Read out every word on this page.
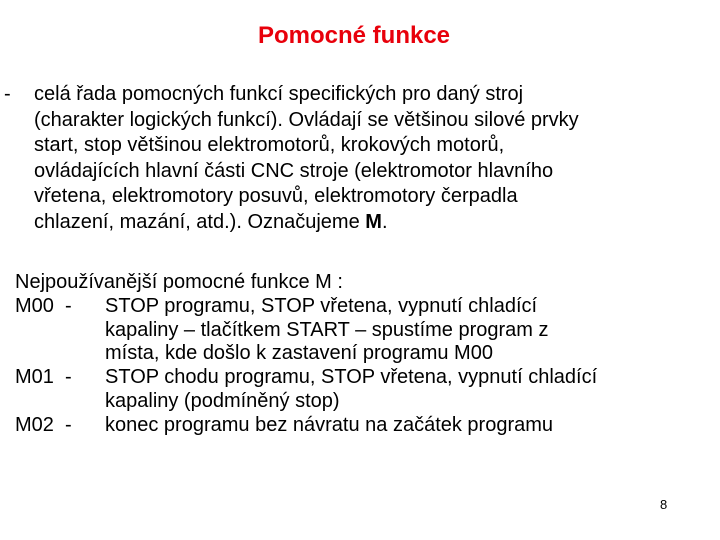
Pomocné funkce
- celá řada pomocných funkcí specifických pro daný stroj
(charakter logických funkcí). Ovládají se většinou silové prvky
start, stop většinou elektromotorů, krokových motorů,
ovládajících hlavní části CNC stroje (elektromotor hlavního
vřetena, elektromotory posuvů, elektromotory čerpadla
chlazení, mazání, atd.). Označujeme M.
Nejpoužívanější pomocné funkce M :
M00  -	STOP programu, STOP vřetena, vypnutí chladící
kapaliny – tlačítkem START – spustíme program z
místa, kde došlo k zastavení programu M00
M01  -	STOP chodu programu, STOP vřetena, vypnutí chladící
kapaliny (podmíněný stop)
M02  -	konec programu bez návratu na začátek programu
8
